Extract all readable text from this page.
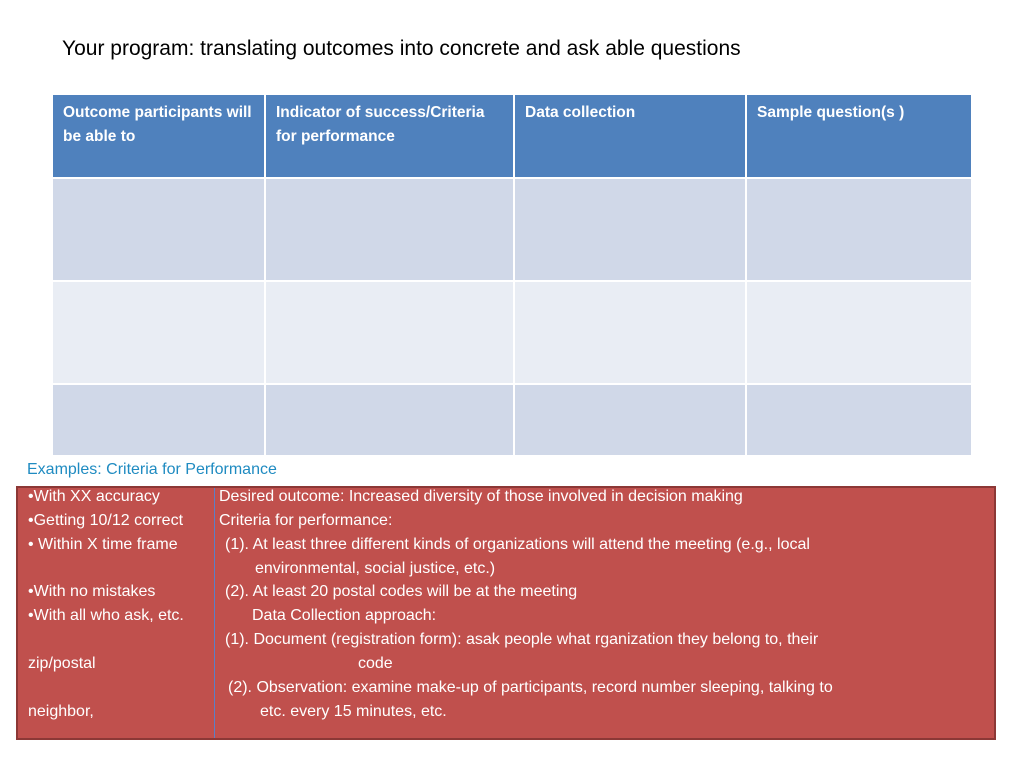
Your program: translating outcomes into concrete and ask able questions
Outcome participants will be able to	Indicator of success/Criteria for performance	Data collection	Sample question(s )

Examples: Criteria for Performance
•With XX accuracy
•Getting 10/12 correct
• Within X time frame
•With no mistakes
•With all who ask, etc.
zip/postal
neighbor,
Desired outcome: Increased diversity of those involved in decision making
Criteria for performance:
(1). At least three different kinds of organizations will attend the meeting (e.g., local
environmental, social justice, etc.)
(2). At least 20 postal codes will be at the meeting
Data Collection approach:
(1). Document (registration form): asak people what rganization they belong to, their
code
(2). Observation: examine make-up of participants, record number sleeping, talking to
etc. every 15 minutes, etc.
